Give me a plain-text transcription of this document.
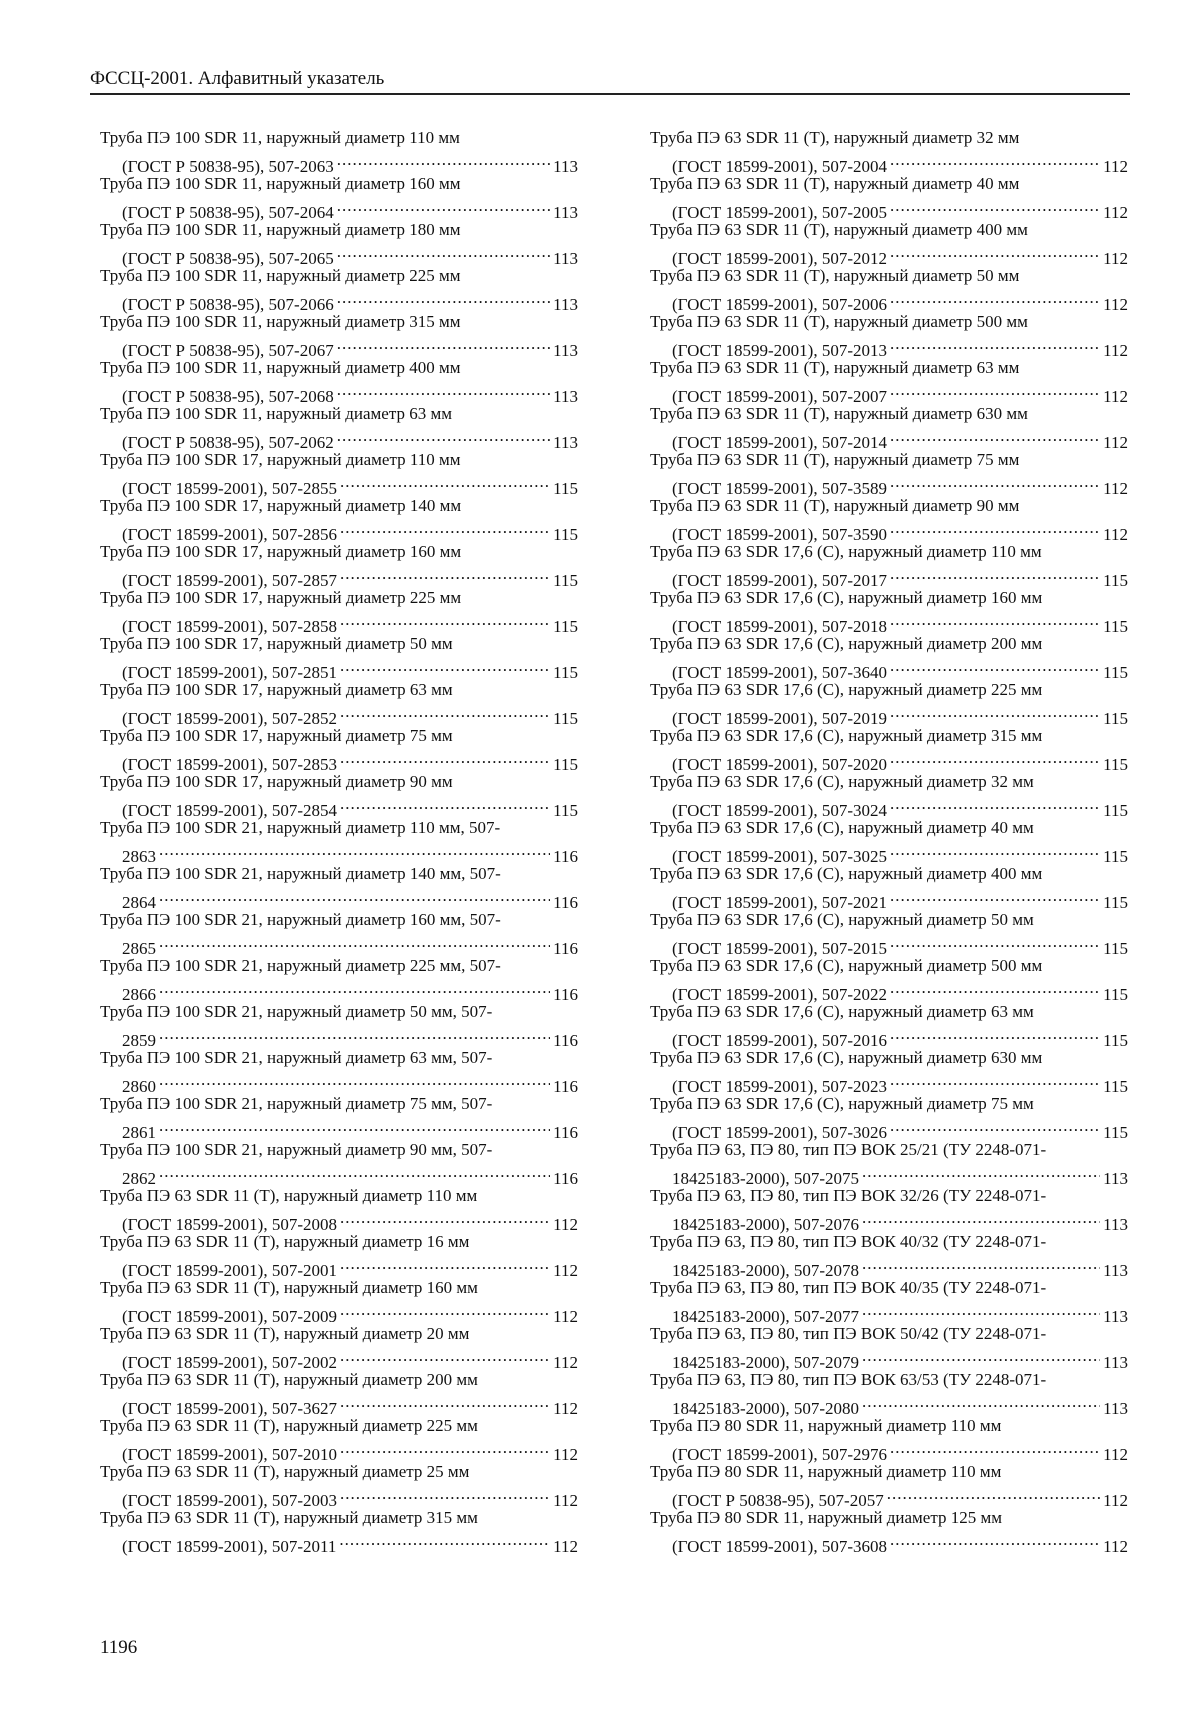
ФССЦ-2001. Алфавитный указатель
Труба ПЭ 100 SDR 11, наружный диаметр 110 мм
(ГОСТ Р 50838-95), 507-2063 .....	113
Труба ПЭ 100 SDR 11, наружный диаметр 160 мм
(ГОСТ Р 50838-95), 507-2064 .....	113
Труба ПЭ 100 SDR 11, наружный диаметр 180 мм
(ГОСТ Р 50838-95), 507-2065 .....	113
Труба ПЭ 100 SDR 11, наружный диаметр 225 мм
(ГОСТ Р 50838-95), 507-2066 .....	113
Труба ПЭ 100 SDR 11, наружный диаметр 315 мм
(ГОСТ Р 50838-95), 507-2067 .....	113
Труба ПЭ 100 SDR 11, наружный диаметр 400 мм
(ГОСТ Р 50838-95), 507-2068 .....	113
Труба ПЭ 100 SDR 11, наружный диаметр 63 мм
(ГОСТ Р 50838-95), 507-2062 .....	113
Труба ПЭ 100 SDR 17, наружный диаметр 110 мм
(ГОСТ 18599-2001), 507-2855 .....	115
Труба ПЭ 100 SDR 17, наружный диаметр 140 мм
(ГОСТ 18599-2001), 507-2856 .....	115
Труба ПЭ 100 SDR 17, наружный диаметр 160 мм
(ГОСТ 18599-2001), 507-2857 .....	115
Труба ПЭ 100 SDR 17, наружный диаметр 225 мм
(ГОСТ 18599-2001), 507-2858 .....	115
Труба ПЭ 100 SDR 17, наружный диаметр 50 мм
(ГОСТ 18599-2001), 507-2851 .....	115
Труба ПЭ 100 SDR 17, наружный диаметр 63 мм
(ГОСТ 18599-2001), 507-2852 .....	115
Труба ПЭ 100 SDR 17, наружный диаметр 75 мм
(ГОСТ 18599-2001), 507-2853 .....	115
Труба ПЭ 100 SDR 17, наружный диаметр 90 мм
(ГОСТ 18599-2001), 507-2854 .....	115
Труба ПЭ 100 SDR 21, наружный диаметр 110 мм, 507-
2863 .....	116
Труба ПЭ 100 SDR 21, наружный диаметр 140 мм, 507-
2864 .....	116
Труба ПЭ 100 SDR 21, наружный диаметр 160 мм, 507-
2865 .....	116
Труба ПЭ 100 SDR 21, наружный диаметр 225 мм, 507-
2866 .....	116
Труба ПЭ 100 SDR 21, наружный диаметр 50 мм, 507-
2859 .....	116
Труба ПЭ 100 SDR 21, наружный диаметр 63 мм, 507-
2860 .....	116
Труба ПЭ 100 SDR 21, наружный диаметр 75 мм, 507-
2861 .....	116
Труба ПЭ 100 SDR 21, наружный диаметр 90 мм, 507-
2862 .....	116
Труба ПЭ 63 SDR 11 (Т), наружный диаметр 110 мм
(ГОСТ 18599-2001), 507-2008 .....	112
Труба ПЭ 63 SDR 11 (Т), наружный диаметр 16 мм
(ГОСТ 18599-2001), 507-2001 .....	112
Труба ПЭ 63 SDR 11 (Т), наружный диаметр 160 мм
(ГОСТ 18599-2001), 507-2009 .....	112
Труба ПЭ 63 SDR 11 (Т), наружный диаметр 20 мм
(ГОСТ 18599-2001), 507-2002 .....	112
Труба ПЭ 63 SDR 11 (Т), наружный диаметр 200 мм
(ГОСТ 18599-2001), 507-3627 .....	112
Труба ПЭ 63 SDR 11 (Т), наружный диаметр 225 мм
(ГОСТ 18599-2001), 507-2010 .....	112
Труба ПЭ 63 SDR 11 (Т), наружный диаметр 25 мм
(ГОСТ 18599-2001), 507-2003 .....	112
Труба ПЭ 63 SDR 11 (Т), наружный диаметр 315 мм
(ГОСТ 18599-2001), 507-2011 .....	112
Труба ПЭ 63 SDR 11 (Т), наружный диаметр 32 мм
(ГОСТ 18599-2001), 507-2004 .....	112
Труба ПЭ 63 SDR 11 (Т), наружный диаметр 40 мм
(ГОСТ 18599-2001), 507-2005 .....	112
Труба ПЭ 63 SDR 11 (Т), наружный диаметр 400 мм
(ГОСТ 18599-2001), 507-2012 .....	112
Труба ПЭ 63 SDR 11 (Т), наружный диаметр 50 мм
(ГОСТ 18599-2001), 507-2006 .....	112
Труба ПЭ 63 SDR 11 (Т), наружный диаметр 500 мм
(ГОСТ 18599-2001), 507-2013 .....	112
Труба ПЭ 63 SDR 11 (Т), наружный диаметр 63 мм
(ГОСТ 18599-2001), 507-2007 .....	112
Труба ПЭ 63 SDR 11 (Т), наружный диаметр 630 мм
(ГОСТ 18599-2001), 507-2014 .....	112
Труба ПЭ 63 SDR 11 (Т), наружный диаметр 75 мм
(ГОСТ 18599-2001), 507-3589 .....	112
Труба ПЭ 63 SDR 11 (Т), наружный диаметр 90 мм
(ГОСТ 18599-2001), 507-3590 .....	112
Труба ПЭ 63 SDR 17,6 (С), наружный диаметр 110 мм
(ГОСТ 18599-2001), 507-2017 .....	115
Труба ПЭ 63 SDR 17,6 (С), наружный диаметр 160 мм
(ГОСТ 18599-2001), 507-2018 .....	115
Труба ПЭ 63 SDR 17,6 (С), наружный диаметр 200 мм
(ГОСТ 18599-2001), 507-3640 .....	115
Труба ПЭ 63 SDR 17,6 (С), наружный диаметр 225 мм
(ГОСТ 18599-2001), 507-2019 .....	115
Труба ПЭ 63 SDR 17,6 (С), наружный диаметр 315 мм
(ГОСТ 18599-2001), 507-2020 .....	115
Труба ПЭ 63 SDR 17,6 (С), наружный диаметр 32 мм
(ГОСТ 18599-2001), 507-3024 .....	115
Труба ПЭ 63 SDR 17,6 (С), наружный диаметр 40 мм
(ГОСТ 18599-2001), 507-3025 .....	115
Труба ПЭ 63 SDR 17,6 (С), наружный диаметр 400 мм
(ГОСТ 18599-2001), 507-2021 .....	115
Труба ПЭ 63 SDR 17,6 (С), наружный диаметр 50 мм
(ГОСТ 18599-2001), 507-2015 .....	115
Труба ПЭ 63 SDR 17,6 (С), наружный диаметр 500 мм
(ГОСТ 18599-2001), 507-2022 .....	115
Труба ПЭ 63 SDR 17,6 (С), наружный диаметр 63 мм
(ГОСТ 18599-2001), 507-2016 .....	115
Труба ПЭ 63 SDR 17,6 (С), наружный диаметр 630 мм
(ГОСТ 18599-2001), 507-2023 .....	115
Труба ПЭ 63 SDR 17,6 (С), наружный диаметр 75 мм
(ГОСТ 18599-2001), 507-3026 .....	115
Труба ПЭ 63, ПЭ 80, тип ПЭ ВОК 25/21 (ТУ 2248-071-
18425183-2000), 507-2075 .....	113
Труба ПЭ 63, ПЭ 80, тип ПЭ ВОК 32/26 (ТУ 2248-071-
18425183-2000), 507-2076 .....	113
Труба ПЭ 63, ПЭ 80, тип ПЭ ВОК 40/32 (ТУ 2248-071-
18425183-2000), 507-2078 .....	113
Труба ПЭ 63, ПЭ 80, тип ПЭ ВОК 40/35 (ТУ 2248-071-
18425183-2000), 507-2077 .....	113
Труба ПЭ 63, ПЭ 80, тип ПЭ ВОК 50/42 (ТУ 2248-071-
18425183-2000), 507-2079 .....	113
Труба ПЭ 63, ПЭ 80, тип ПЭ ВОК 63/53 (ТУ 2248-071-
18425183-2000), 507-2080 .....	113
Труба ПЭ 80 SDR 11, наружный диаметр 110 мм
(ГОСТ 18599-2001), 507-2976 .....	112
Труба ПЭ 80 SDR 11, наружный диаметр 110 мм
(ГОСТ Р 50838-95), 507-2057 .....	112
Труба ПЭ 80 SDR 11, наружный диаметр 125 мм
(ГОСТ 18599-2001), 507-3608 .....	112
1196
